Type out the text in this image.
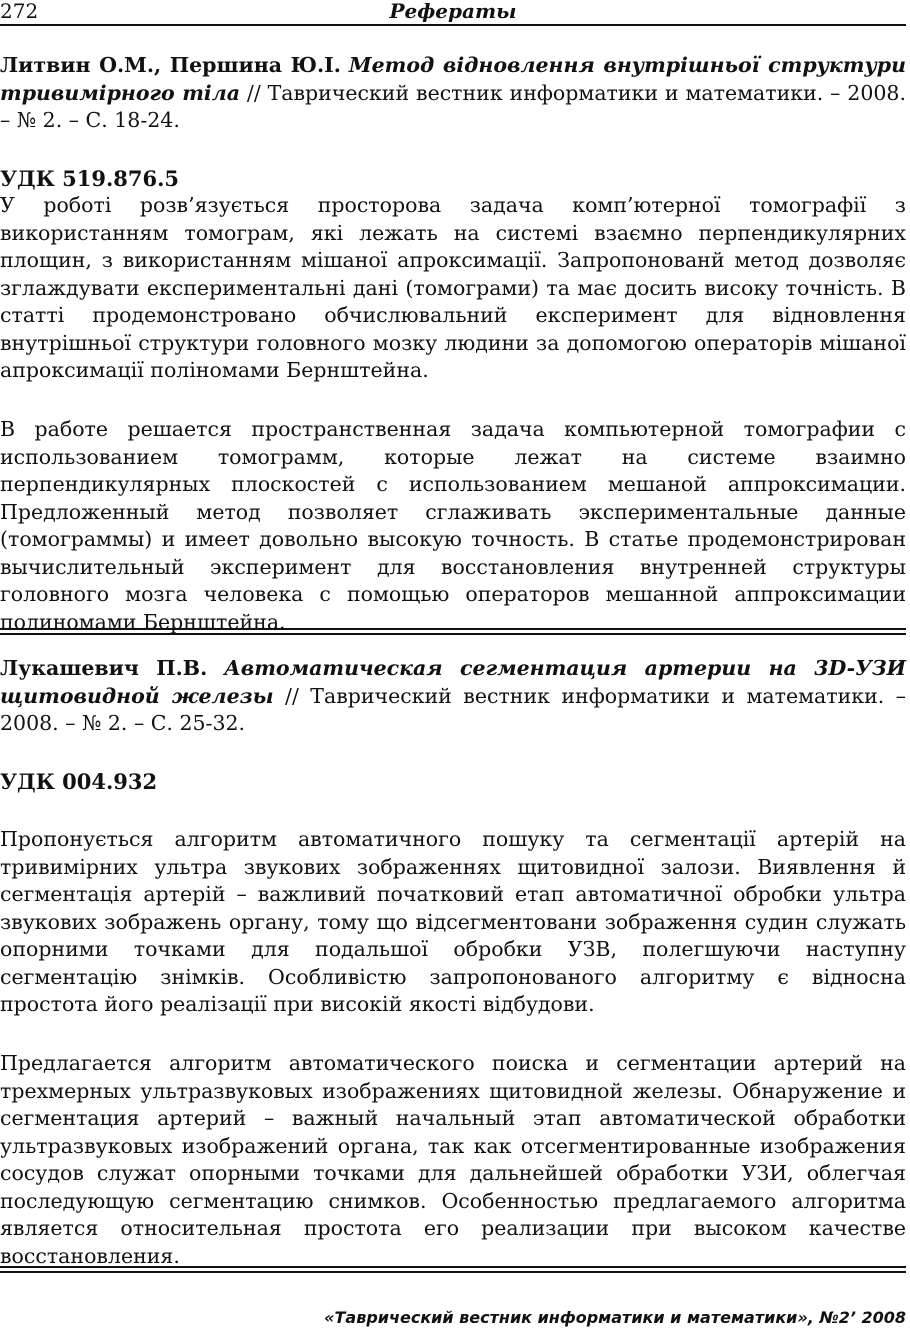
272	Рефераты
Литвин О.М., Першина Ю.І. Метод відновлення внутрішньої структури тривимірного тіла // Таврический вестник информатики и математики. – 2008. – № 2. – С. 18-24.
УДК 519.876.5

У роботі розв’язується просторова задача комп’ютерної томографії з використанням томограм, які лежать на системі взаємно перпендикулярних площин, з використанням мішаної апроксимації. Запропонованй метод дозволяє зглаждувати експериментальні дані (томограми) та має досить високу точність. В статті продемонстровано обчислювальний експеримент для відновлення внутрішньої структури головного мозку людини за допомогою операторів мішаної апроксимації поліномами Бернштейна.

В работе решается пространственная задача компьютерной томографии с использованием томограмм, которые лежат на системе взаимно перпендикулярных плоскостей с использованием мешаной аппроксимации. Предложенный метод позволяет сглаживать экспериментальные данные (томограммы) и имеет довольно высокую точность. В статье продемонстрирован вычислительный эксперимент для восстановления внутренней структуры головного мозга человека с помощью операторов мешанной аппроксимации полиномами Бернштейна.

Лукашевич П.В. Автоматическая сегментация артерии на 3D-УЗИ щитовидной железы // Таврический вестник информатики и математики. – 2008. – № 2. – С. 25-32.
УДК 004.932

Пропонується алгоритм автоматичного пошуку та сегментації артерій на тривимірних ультра звукових зображеннях щитовидної залози. Виявлення й сегментація артерій – важливий початковий етап автоматичної обробки ультра звукових зображень органу, тому що відсегментовани зображення судин служать опорними точками для подальшої обробки УЗВ, полегшуючи наступну сегментацію знімків. Особливістю запропонованого алгоритму є відносна простота його реалізації при високій якості відбудови.

Предлагается алгоритм автоматического поиска и сегментации артерий на трехмерных ультразвуковых изображениях щитовидной железы. Обнаружение и сегментация артерий – важный начальный этап автоматической обработки ультразвуковых изображений органа, так как отсегментированные изображения сосудов служат опорными точками для дальнейшей обработки УЗИ, облегчая последующую сегментацию снимков. Особенностью предлагаемого алгоритма является относительная простота его реализации при высоком качестве восстановления.

«Таврический вестник информатики и математики», №2’ 2008
